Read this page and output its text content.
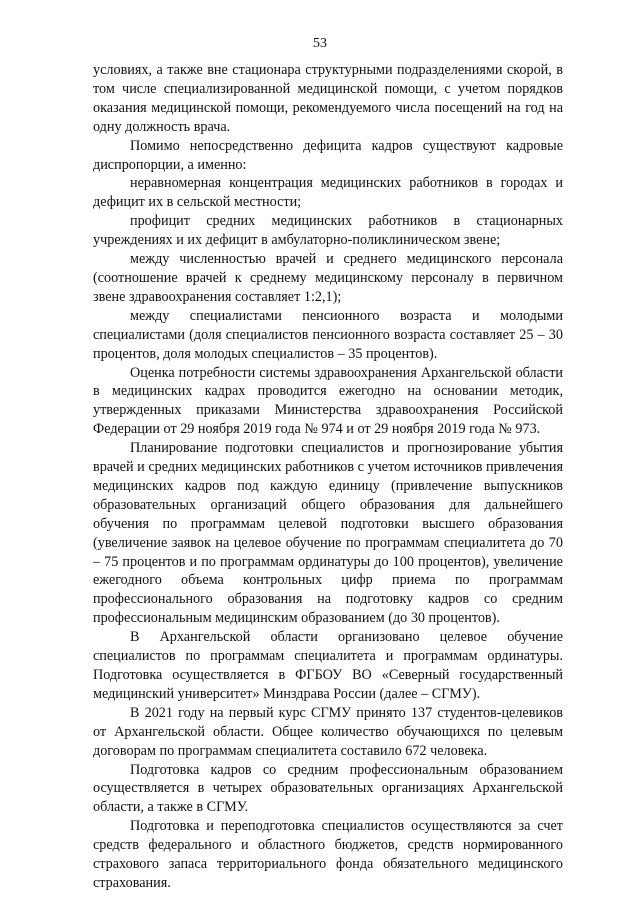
53

условиях, а также вне стационара структурными подразделениями скорой, в том числе специализированной медицинской помощи, с учетом порядков оказания медицинской помощи, рекомендуемого числа посещений на год на одну должность врача.

Помимо непосредственно дефицита кадров существуют кадровые диспропорции, а именно:

неравномерная концентрация медицинских работников в городах и дефицит их в сельской местности;

профицит средних медицинских работников в стационарных учреждениях и их дефицит в амбулаторно-поликлиническом звене;

между численностью врачей и среднего медицинского персонала (соотношение врачей к среднему медицинскому персоналу в первичном звене здравоохранения составляет 1:2,1);

между специалистами пенсионного возраста и молодыми специалистами (доля специалистов пенсионного возраста составляет 25 – 30 процентов, доля молодых специалистов – 35 процентов).

Оценка потребности системы здравоохранения Архангельской области в медицинских кадрах проводится ежегодно на основании методик, утвержденных приказами Министерства здравоохранения Российской Федерации от 29 ноября 2019 года № 974 и от 29 ноября 2019 года № 973.

Планирование подготовки специалистов и прогнозирование убытия врачей и средних медицинских работников с учетом источников привлечения медицинских кадров под каждую единицу (привлечение выпускников образовательных организаций общего образования для дальнейшего обучения по программам целевой подготовки высшего образования (увеличение заявок на целевое обучение по программам специалитета до 70 – 75 процентов и по программам ординатуры до 100 процентов), увеличение ежегодного объема контрольных цифр приема по программам профессионального образования на подготовку кадров со средним профессиональным медицинским образованием (до 30 процентов).

В Архангельской области организовано целевое обучение специалистов по программам специалитета и программам ординатуры. Подготовка осуществляется в ФГБОУ ВО «Северный государственный медицинский университет» Минздрава России (далее – СГМУ).

В 2021 году на первый курс СГМУ принято 137 студентов-целевиков от Архангельской области. Общее количество обучающихся по целевым договорам по программам специалитета составило 672 человека.

Подготовка кадров со средним профессиональным образованием осуществляется в четырех образовательных организациях Архангельской области, а также в СГМУ.

Подготовка и переподготовка специалистов осуществляются за счет средств федерального и областного бюджетов, средств нормированного страхового запаса территориального фонда обязательного медицинского страхования.
